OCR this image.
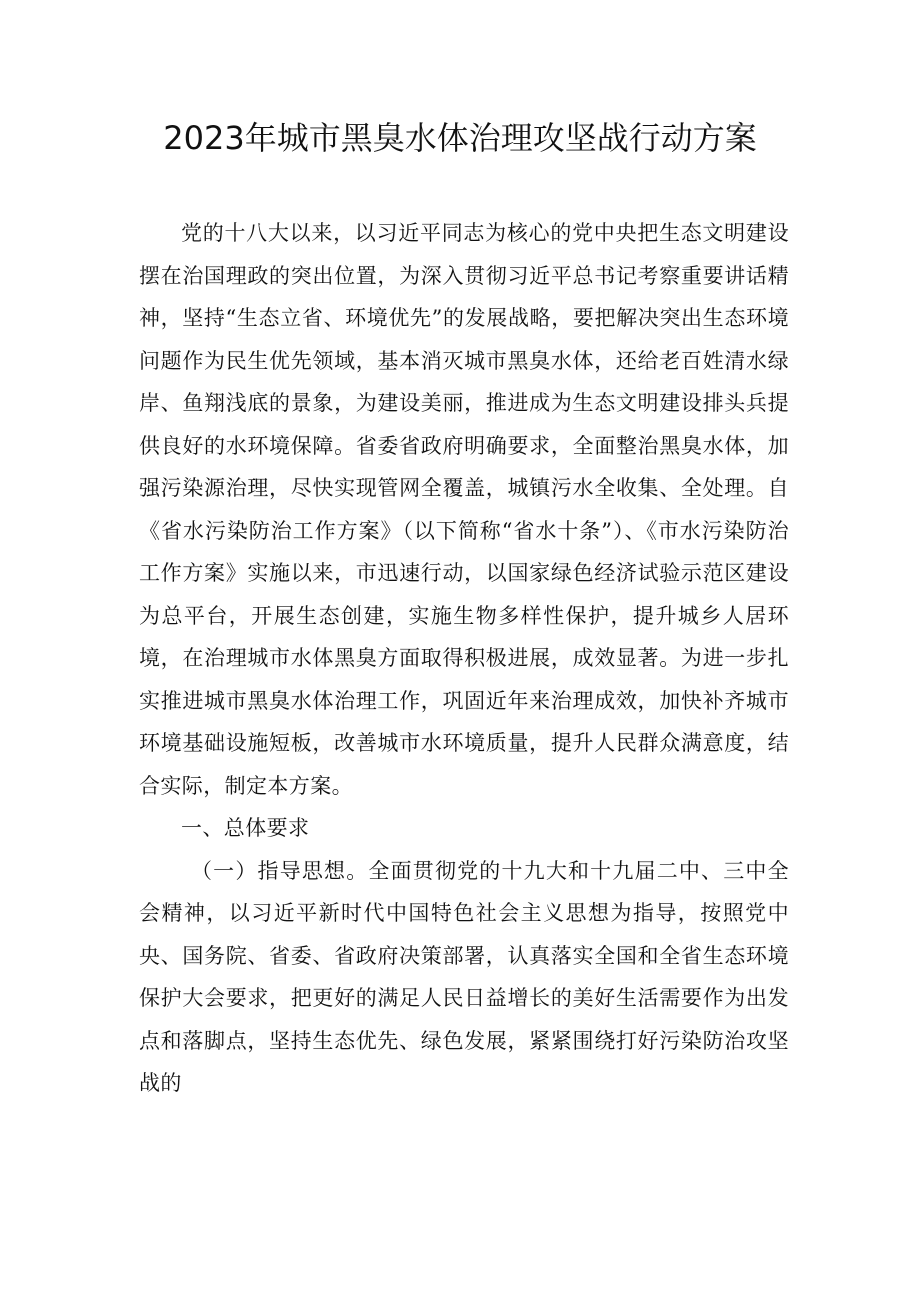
2023年城市黑臭水体治理攻坚战行动方案

党的十八大以来，以习近平同志为核心的党中央把生态文明建设摆在治国理政的突出位置，为深入贯彻习近平总书记考察重要讲话精神，坚持“生态立省、环境优先”的发展战略，要把解决突出生态环境问题作为民生优先领域，基本消灭城市黑臭水体，还给老百姓清水绿岸、鱼翔浅底的景象，为建设美丽，推进成为生态文明建设排头兵提供良好的水环境保障。省委省政府明确要求，全面整治黑臭水体，加强污染源治理，尽快实现管网全覆盖，城镇污水全收集、全处理。自《省水污染防治工作方案》（以下简称“省水十条”）、《市水污染防治工作方案》实施以来，市迅速行动，以国家绿色经济试验示范区建设为总平台，开展生态创建，实施生物多样性保护，提升城乡人居环境，在治理城市水体黑臭方面取得积极进展，成效显著。为进一步扎实推进城市黑臭水体治理工作，巩固近年来治理成效，加快补齐城市环境基础设施短板，改善城市水环境质量，提升人民群众满意度，结合实际，制定本方案。

一、总体要求

（一）指导思想。全面贯彻党的十九大和十九届二中、三中全会精神，以习近平新时代中国特色社会主义思想为指导，按照党中央、国务院、省委、省政府决策部署，认真落实全国和全省生态环境保护大会要求，把更好的满足人民日益增长的美好生活需要作为出发点和落脚点，坚持生态优先、绿色发展，紧紧围绕打好污染防治攻坚战的
